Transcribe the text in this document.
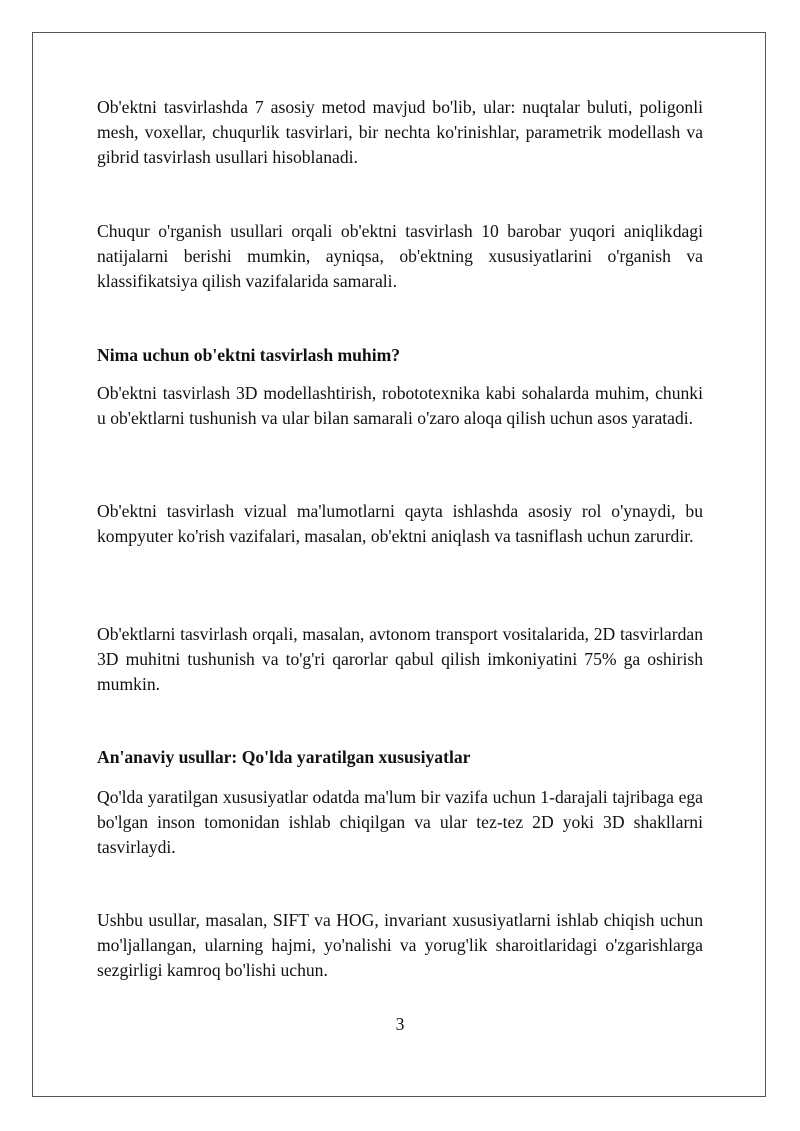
Ob'ektni tasvirlashda 7 asosiy metod mavjud bo'lib, ular: nuqtalar buluti, poligonli mesh, voxellar, chuqurlik tasvirlari, bir nechta ko'rinishlar, parametrik modellash va gibrid tasvirlash usullari hisoblanadi.

Chuqur o'rganish usullari orqali ob'ektni tasvirlash 10 barobar yuqori aniqlikdagi natijalarni berishi mumkin, ayniqsa, ob'ektning xususiyatlarini o'rganish va klassifikatsiya qilish vazifalarida samarali.

Nima uchun ob'ektni tasvirlash muhim?

Ob'ektni tasvirlash 3D modellashtirish, robototexnika kabi sohalarda muhim, chunki u ob'ektlarni tushunish va ular bilan samarali o'zaro aloqa qilish uchun asos yaratadi.

Ob'ektni tasvirlash vizual ma'lumotlarni qayta ishlashda asosiy rol o'ynaydi, bu kompyuter ko'rish vazifalari, masalan, ob'ektni aniqlash va tasniflash uchun zarurdir.

Ob'ektlarni tasvirlash orqali, masalan, avtonom transport vositalarida, 2D tasvirlardan 3D muhitni tushunish va to'g'ri qarorlar qabul qilish imkoniyatini 75% ga oshirish mumkin.

An'anaviy usullar: Qo'lda yaratilgan xususiyatlar

Qo'lda yaratilgan xususiyatlar odatda ma'lum bir vazifa uchun 1-darajali tajribaga ega bo'lgan inson tomonidan ishlab chiqilgan va ular tez-tez 2D yoki 3D shakllarni tasvirlaydi.

Ushbu usullar, masalan, SIFT va HOG, invariant xususiyatlarni ishlab chiqish uchun mo'ljallangan, ularning hajmi, yo'nalishi va yorug'lik sharoitlaridagi o'zgarishlarga sezgirligi kamroq bo'lishi uchun.

3
